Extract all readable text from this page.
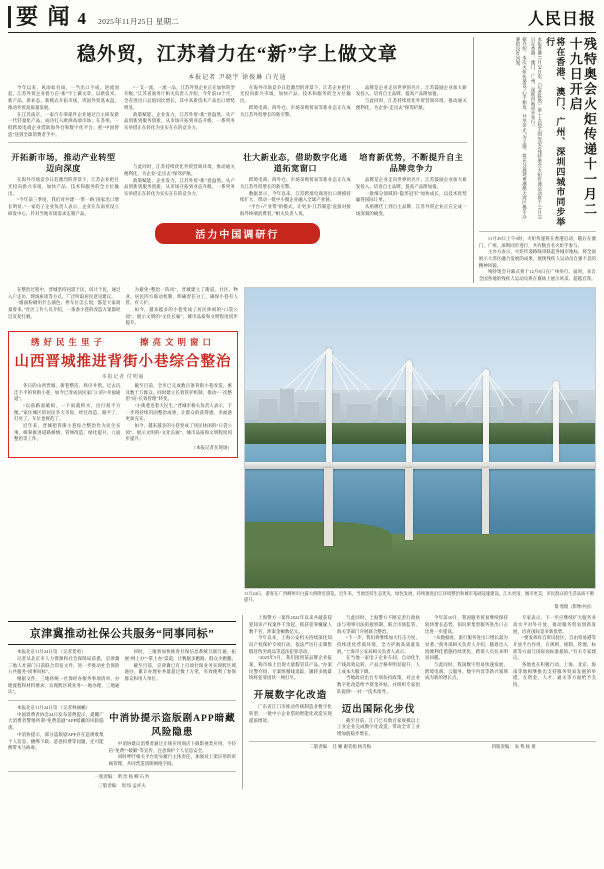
要 闻 4 2025年11月25日 星期二	人民日报
稳外贸，江苏着力在“新”字上做文章
本报记者 尹晓宇 徐俊琳 白光迪
今年以来，风雨如有雨，一当出口不成，逆流而起，江苏外贸企业着力在“新”字上做文章，以新技术、新产品、新业态、新模式开拓市场，巩固外贸基本盘，推动外贸高质量发展。
在江苏南京，一家汽车零部件企业通过自主研发新一代轻量化产品，成功打入欧洲高端市场；在苏州，一批跨境电商企业借助海外仓和数字化平台，把“中国智造”送到全球消费者手中。
“一支一流、一流一品，江苏外贸企业正在加快转型升级。”江苏省商务厅相关负责人介绍，今年前10个月，全省进出口总值同比增长，其中高新技术产品出口增势明显。
政策赋能、企业发力，江苏外贸“新”意盎然。从产品创新到服务创新，从市场开拓到业态升级，一系列务实举措正在转化为实实在在的竞争力。
在海外市场竞争日趋激烈的背景下，江苏企业把目光投向新兴市场，加快产品、技术和服务的全方位输出。
跨境电商、海外仓、市场采购贸易等新业态正在成为江苏外贸增长的新引擎。
品牌是企业走向世界的名片。江苏鼓励企业加大研发投入，培育自主品牌，提高产品附加值。
与此同时，江苏持续优化外贸营商环境，推动通关便利化，为企业“走出去”保驾护航。
开拓新市场，推动产业转型迈向深度
在海外市场竞争日趋激烈的背景下，江苏企业把目光投向新兴市场，加快产品、技术和服务的全方位输出。
“今年前三季度，我们对共建‘一带一路’国家出口增长明显。”一家电子企业负责人表示，企业在东南亚设立研发中心，针对当地市场需求定制产品。
与此同时，江苏持续优化外贸营商环境，推动通关便利化，为企业“走出去”保驾护航。
政策赋能、企业发力，江苏外贸“新”意盎然。从产品创新到服务创新，从市场开拓到业态升级，一系列务实举措正在转化为实实在在的竞争力。
壮大新业态，借助数字化通道拓宽窗口
跨境电商、海外仓、市场采购贸易等新业态正在成为江苏外贸增长的新引擎。
数据显示，今年以来，江苏跨境电商进出口规模持续扩大，带动一批中小微企业融入全球产业链。
“平台+产业带”的模式，让更多‘江苏制造’直接对接海外终端消费者。”相关负责人说。
培育新优势，不断提升自主品牌竞争力
品牌是企业走向世界的名片。江苏鼓励企业加大研发投入，培育自主品牌，提高产品附加值。
一批细分领域的“隐形冠军”加快成长，以技术优势赢得国际订单。
从贴牌代工到自主品牌，江苏外贸企业正在完成一场深刻的蜕变。
活力中国调研行
残特奥会火炬传递十一月二十九日开启
将在香港、澳门、广州、深圳四城市同步举行
本报香港11月24日电 （记者陈然）第十五届全国运动会残特奥会火炬传递活动将于11月29日在香港、澳门、广州、深圳四地同步举行。
据介绍，本次火炬传递以“心手相连、共享荣光”为主题，将充分展现粤港澳大湾区携手办赛的良好风貌。
11月29日上午9时，火炬传递将在香港启动，随后在澳门、广州、深圳同步进行，共有数百名火炬手参与。
主办方表示，火炬传递路线串联起各城市地标，将全面展示大湾区融合发展的成果，展现残疾人运动员自强不息的精神风貌。
残特奥会开幕式将于12月8日在广州举行。届时，来自全国各地的残疾人运动员将在赛场上展示风采、超越自我。
在整治过程中，晋城坚持问需于民、问计于民，通过入户走访、现场座谈等方式，广泛听取居民意见建议。
“墙面粉刷用什么颜色、停车位怎么划，都是大家商量着来。”社区工作人员介绍，一条条小巷的改造方案都经过反复打磨。
为避免“整治一阵风”，晋城建立了街道、社区、物业、居民四方联动机制，明确责任分工，确保小巷有人管、有人护。
如今，越来越多的小巷变成了居民休闲的“口袋公园”、展示文明的“文化长廊”，城市品质和文明程度同步提升。
绣好民生里子	擦亮文明窗口
山西晋城推进背街小巷综合整治
本报记者 付明丽
冬日的山西晋城，街巷整洁、秩序井然。过去坑洼不平的背街小巷，如今已变成居民家门口的“幸福通道”。
“以前路面破损，一下雨就积水，出行很不方便。”家住城区的居民李大爷说，经过改造，路平了、灯亮了、车位也规范了。
近年来，晋城把背街小巷综合整治作为民生实事，统筹推进道路修缮、管网改造、绿化提升、立面整治等工作。
截至目前，全市已完成数百条背街小巷改造，惠及数十万群众。同时建立长效管护机制，推动“一次整治”向“长效管理”转变。
“小街巷连着大民生。”晋城市相关负责人表示，下一步将持续巩固整治成果，让群众的获得感、幸福感更加充实。
如今，越来越多的小巷变成了居民休闲的“口袋公园”、展示文明的“文化长廊”，城市品质和文明程度同步提升。
（本报记者在现场）
11月24日，游客在广西柳州市白露大桥附近游览。近年来，当地坚持生态优先、绿色发展，持续推进沿江环境整治和城市基础设施建设，江水更清、城市更美，市民群众的生活品质不断提升。
黎 寒摄（影像中国）
京津冀推动社保公共服务“同事同标”
本报北京11月24日电 （记者贺勇）
记者从北京市人力资源和社会保障局获悉，京津冀三地人社部门日前联合印发文件，进一步推动社会保险公共服务“同事同标”。
根据文件，三地将统一社保经办服务事项清单、办理流程和材料要求，实现跨区域业务“一地办理、三地通认”。
同时，三地将加快推进社保信息系统互联互通，拓展“网上办”“掌上办”渠道，让数据多跑路、群众少跑腿。
截至目前，京津冀已有上百项社保业务实现跨区域通办，累计办理业务量超过数十万笔，有效便利了参保群众和用人单位。
本报北京11月24日电 （记者林丽鹂）
中国消费者协会24日发布消费提示，提醒广大消费者警惕所谓“免费追剧”APP暗藏的风险隐患。
中消协提示，部分盗版剧APP存在违规收集个人信息、捆绑下载、恶意扣费等问题，还可能携带木马病毒。
中消协提示盗版剧APP暗藏风险隐患
中消协建议消费者通过正规应用商店下载影视类应用，不轻信“免费”“破解”等宣传，注意保护个人信息安全。
同时呼吁相关平台切实履行主体责任，加强对上架应用的审核管理，共同营造清朗网络空间。
一版责编： 明 治 杨 柳 石 羚
三版责编： 周 煊 孟祥夫
上海警方一案件2022年以来共破获侵犯知识产权案件千余起，抓获犯罪嫌疑人数千名，涉案金额数亿元。
今年以来，上海公安机关持续深化知识产权保护专项行动，依法严厉打击制售假冒伪劣商品等违法犯罪活动。
“2025年5月，我们接到某品牌企业报案，称市场上出现大量假冒其产品。”办案民警介绍，专案组循线追踪，辗转多地最终将犯罪团伙一网打尽。
开展数字化改造
广东省江门市推动传统制造业数字化转型，一批中小企业借助智能化改造实现提质增效。
与此同时，上海警方不断完善行政执法与刑事司法衔接机制，联合市场监管、海关等部门开展联合整治。
“下一步，我们将继续加大打击力度，持续优化营商环境，全力护航高质量发展。”上海市公安局相关负责人表示。
在当地一家电子企业车间，自动化生产线高效运转，产品合格率明显提升，人工成本大幅下降。
当地政府出台专项扶持政策，对企业数字化改造给予资金补贴，并组织专家团队提供“一对一”技术指导。
迈出国际化步伐
截至目前，江门已有数百家规模以上工业企业完成数字化改造，带动全市工业增加值稳步增长。
今年前10月，我国服务贸易继续保持较快增长态势，知识密集型服务进出口占比进一步提高。
“从数据看，旅行服务进出口增长最为显著。”商务部相关负责人介绍，随着出入境便利化措施持续优化，跨境人员往来明显回暖。
与此同时，我国数字贸易快速发展，跨境电商、云服务、数字内容等新兴领域成为新的增长点。
专家表示，下一步应继续扩大服务业高水平对外开放，推动服务贸易创新发展，培育国际竞争新优势。
“要发挥好自贸试验区、自由贸易港等开放平台作用，在规则、规制、管理、标准等方面与国际高标准接轨。”有关专家建议。
各地也在积极行动。上海、北京、海南等地相继推出支持服务贸易发展的举措，在资金、人才、通关等方面给予支持。
二版责编： 任 姗 谢笑娟 杨雪梅	四版责编： 朱 隽 杨 倩
